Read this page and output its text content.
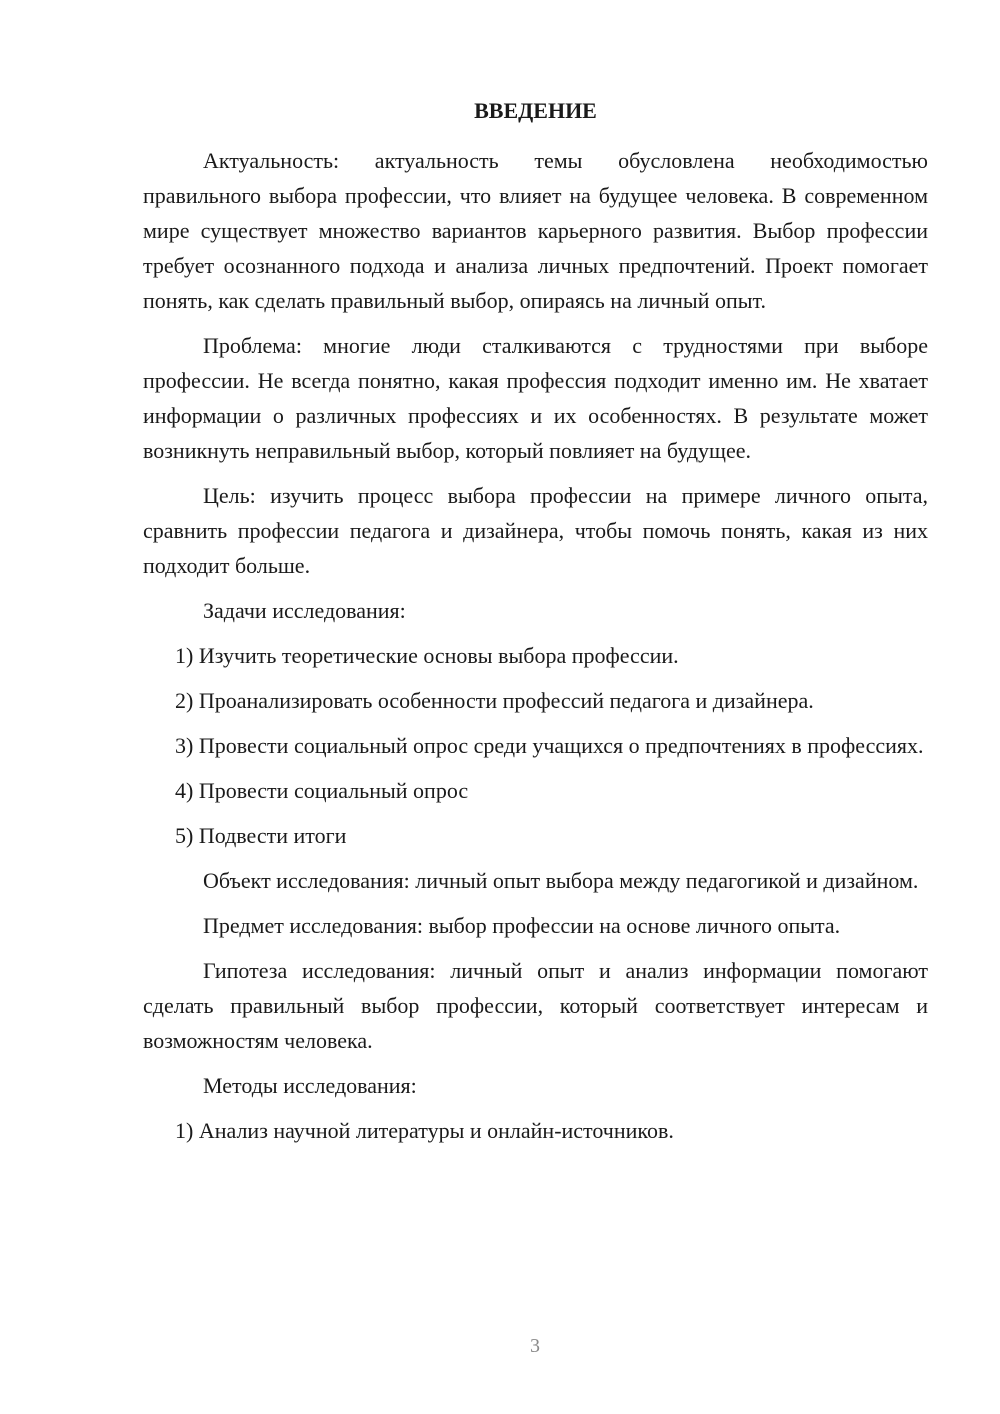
ВВЕДЕНИЕ

Актуальность: актуальность темы обусловлена необходимостью правильного выбора профессии, что влияет на будущее человека. В современном мире существует множество вариантов карьерного развития. Выбор профессии требует осознанного подхода и анализа личных предпочтений. Проект помогает понять, как сделать правильный выбор, опираясь на личный опыт.

Проблема: многие люди сталкиваются с трудностями при выборе профессии. Не всегда понятно, какая профессия подходит именно им. Не хватает информации о различных профессиях и их особенностях. В результате может возникнуть неправильный выбор, который повлияет на будущее.

Цель: изучить процесс выбора профессии на примере личного опыта, сравнить профессии педагога и дизайнера, чтобы помочь понять, какая из них подходит больше.

Задачи исследования:

1) Изучить теоретические основы выбора профессии.

2) Проанализировать особенности профессий педагога и дизайнера.

3) Провести социальный опрос среди учащихся о предпочтениях в профессиях.

4) Провести социальный опрос

5) Подвести итоги

Объект исследования: личный опыт выбора между педагогикой и дизайном.

Предмет исследования: выбор профессии на основе личного опыта.

Гипотеза исследования: личный опыт и анализ информации помогают сделать правильный выбор профессии, который соответствует интересам и возможностям человека.

Методы исследования:

1) Анализ научной литературы и онлайн-источников.

3
